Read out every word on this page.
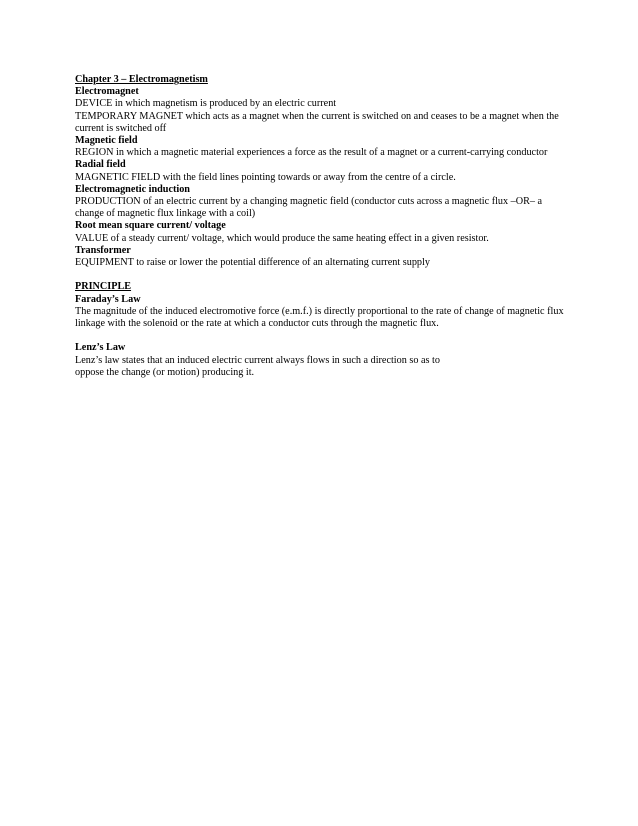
Chapter 3 – Electromagnetism

Electromagnet

DEVICE in which magnetism is produced by an electric current

TEMPORARY MAGNET which acts as a magnet when the current is switched on and ceases to be a magnet when the current is switched off

Magnetic field

REGION in which a magnetic material experiences a force as the result of a magnet or a current-carrying conductor

Radial field

MAGNETIC FIELD with the field lines pointing towards or away from the centre of a circle.

Electromagnetic induction

PRODUCTION of an electric current by a changing magnetic field (conductor cuts across a magnetic flux –OR– a change of magnetic flux linkage with a coil)

Root mean square current/ voltage

VALUE of a steady current/ voltage, which would produce the same heating effect in a given resistor.

Transformer

EQUIPMENT to raise or lower the potential difference of an alternating current supply

PRINCIPLE

Faraday’s Law

The magnitude of the induced electromotive force (e.m.f.) is directly proportional to the rate of change of magnetic flux linkage with the solenoid or the rate at which a conductor cuts through the magnetic flux.

Lenz’s Law

Lenz’s law states that an induced electric current always flows in such a direction so as to

oppose the change (or motion) producing it.
